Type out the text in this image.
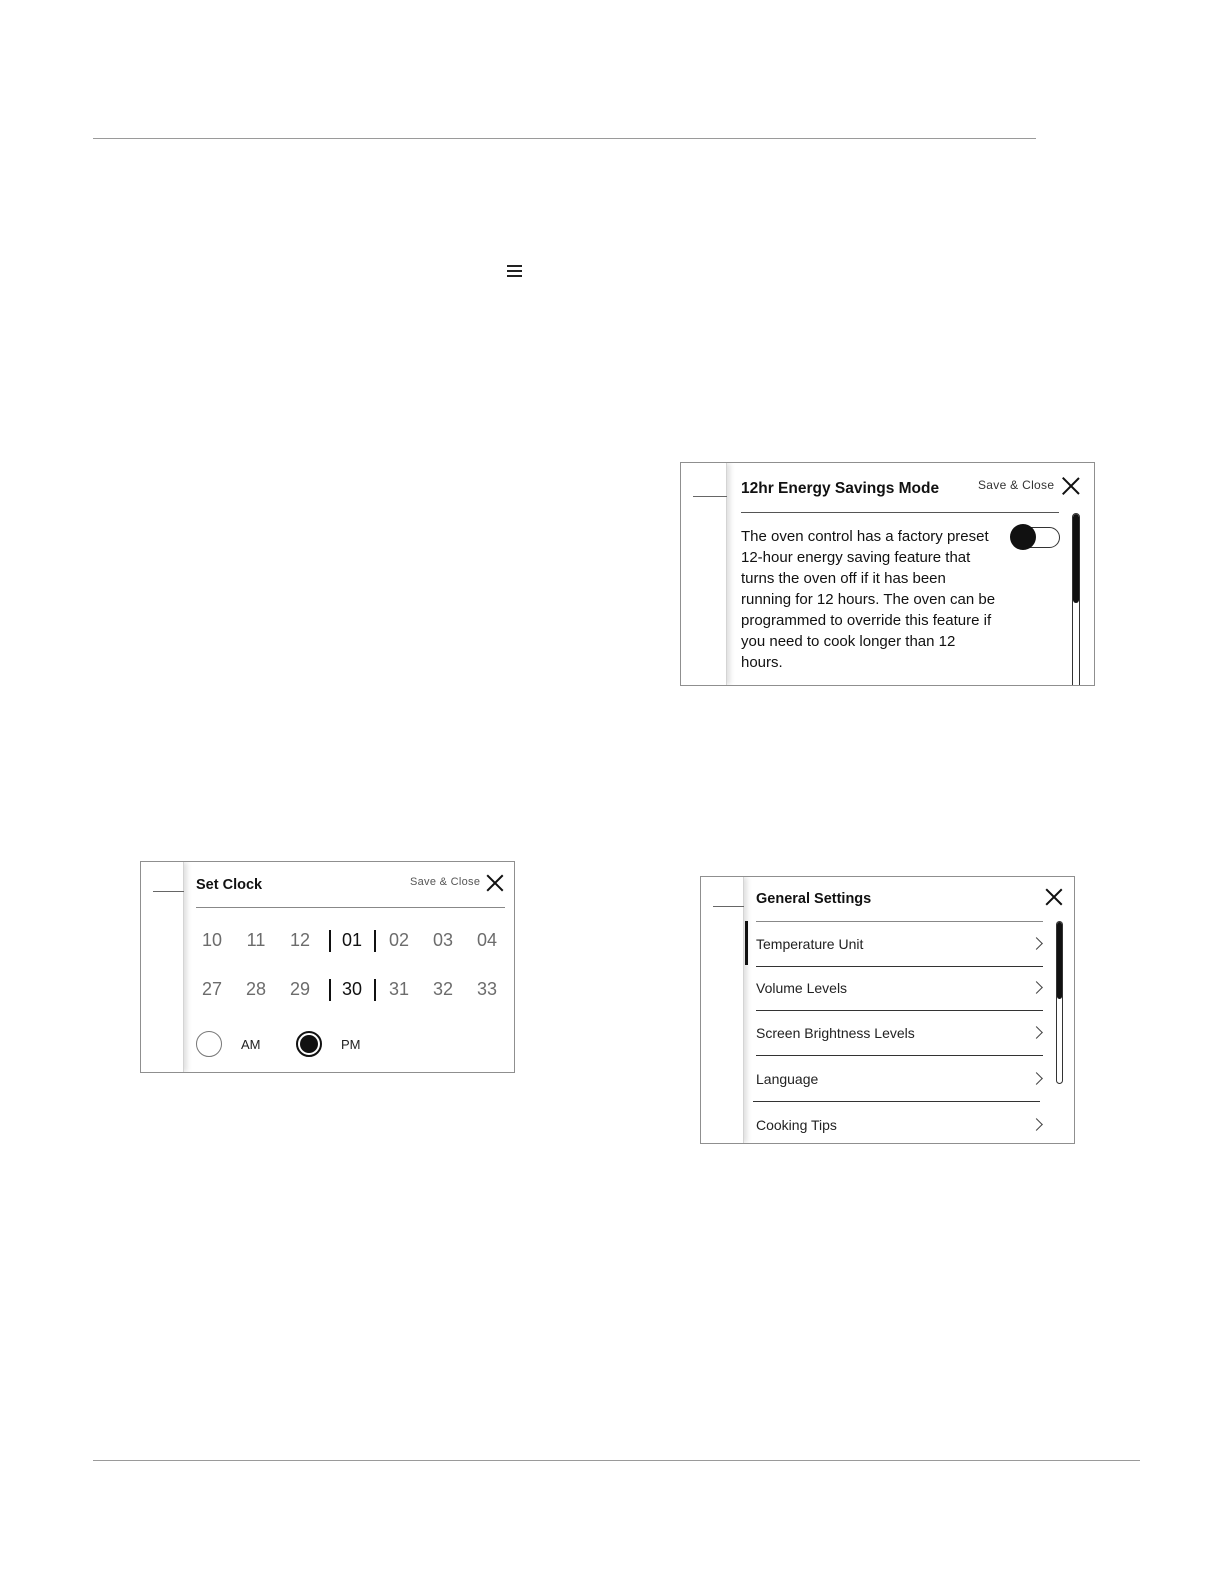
12hr Energy Savings Mode	Save & Close
The oven control has a factory preset 12-hour energy saving feature that turns the oven off if it has been running for 12 hours. The oven can be programmed to override this feature if you need to cook longer than 12 hours.
Set Clock	Save & Close
10	11	12	01	02	03	04
27	28	29	30	31	32	33
AM	PM
General Settings
Temperature Unit
Volume Levels
Screen Brightness Levels
Language
Cooking Tips
